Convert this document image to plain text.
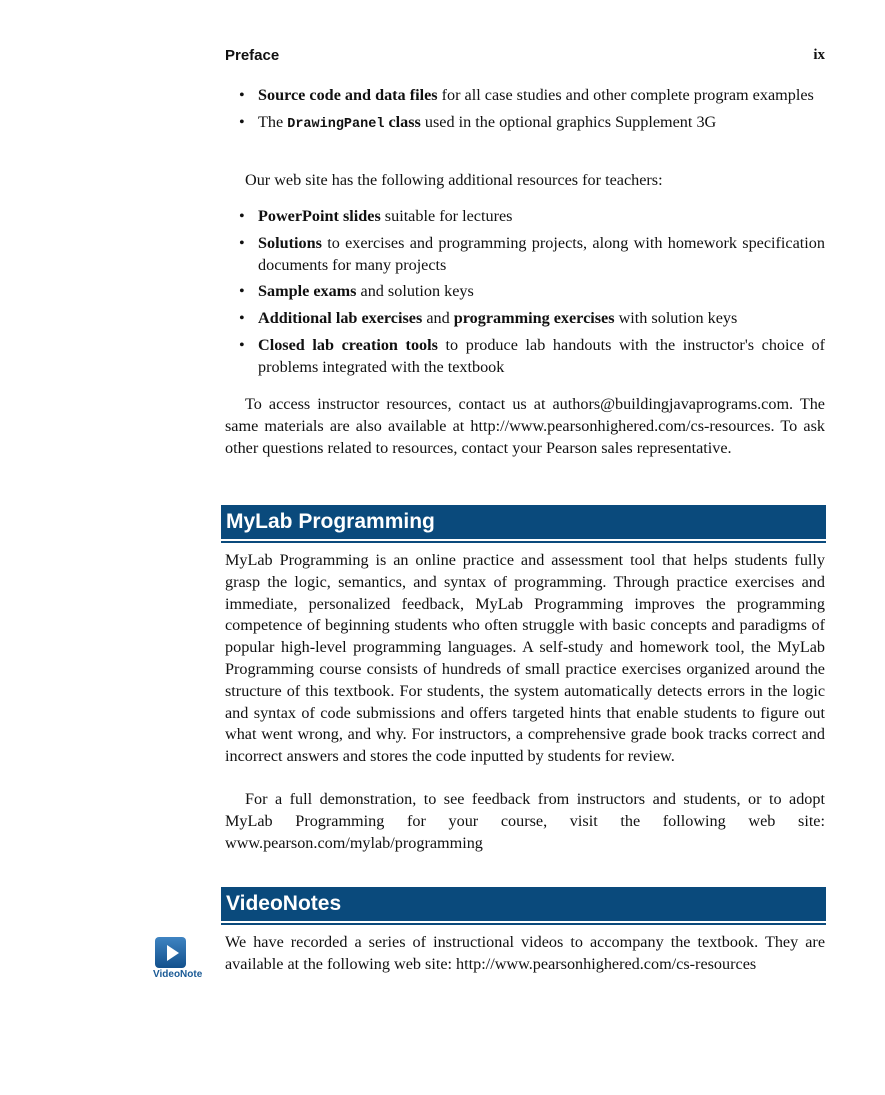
Preface	ix
• Source code and data files for all case studies and other complete program examples
• The DrawingPanel class used in the optional graphics Supplement 3G

Our web site has the following additional resources for teachers:

• PowerPoint slides suitable for lectures
• Solutions to exercises and programming projects, along with homework specification documents for many projects
• Sample exams and solution keys
• Additional lab exercises and programming exercises with solution keys
• Closed lab creation tools to produce lab handouts with the instructor's choice of problems integrated with the textbook

To access instructor resources, contact us at authors@buildingjavaprograms.com. The same materials are also available at http://www.pearsonhighered.com/cs-resources. To ask other questions related to resources, contact your Pearson sales representative.

MyLab Programming

MyLab Programming is an online practice and assessment tool that helps students fully grasp the logic, semantics, and syntax of programming. Through practice exercises and immediate, personalized feedback, MyLab Programming improves the programming competence of beginning students who often struggle with basic concepts and paradigms of popular high-level programming languages. A self-study and homework tool, the MyLab Programming course consists of hundreds of small practice exercises organized around the structure of this textbook. For students, the system automatically detects errors in the logic and syntax of code submissions and offers targeted hints that enable students to figure out what went wrong, and why. For instructors, a comprehensive grade book tracks correct and incorrect answers and stores the code inputted by students for review.

For a full demonstration, to see feedback from instructors and students, or to adopt MyLab Programming for your course, visit the following web site: www.pearson.com/mylab/programming

VideoNotes
VideoNote

We have recorded a series of instructional videos to accompany the textbook. They are available at the following web site: http://www.pearsonhighered.com/cs-resources
